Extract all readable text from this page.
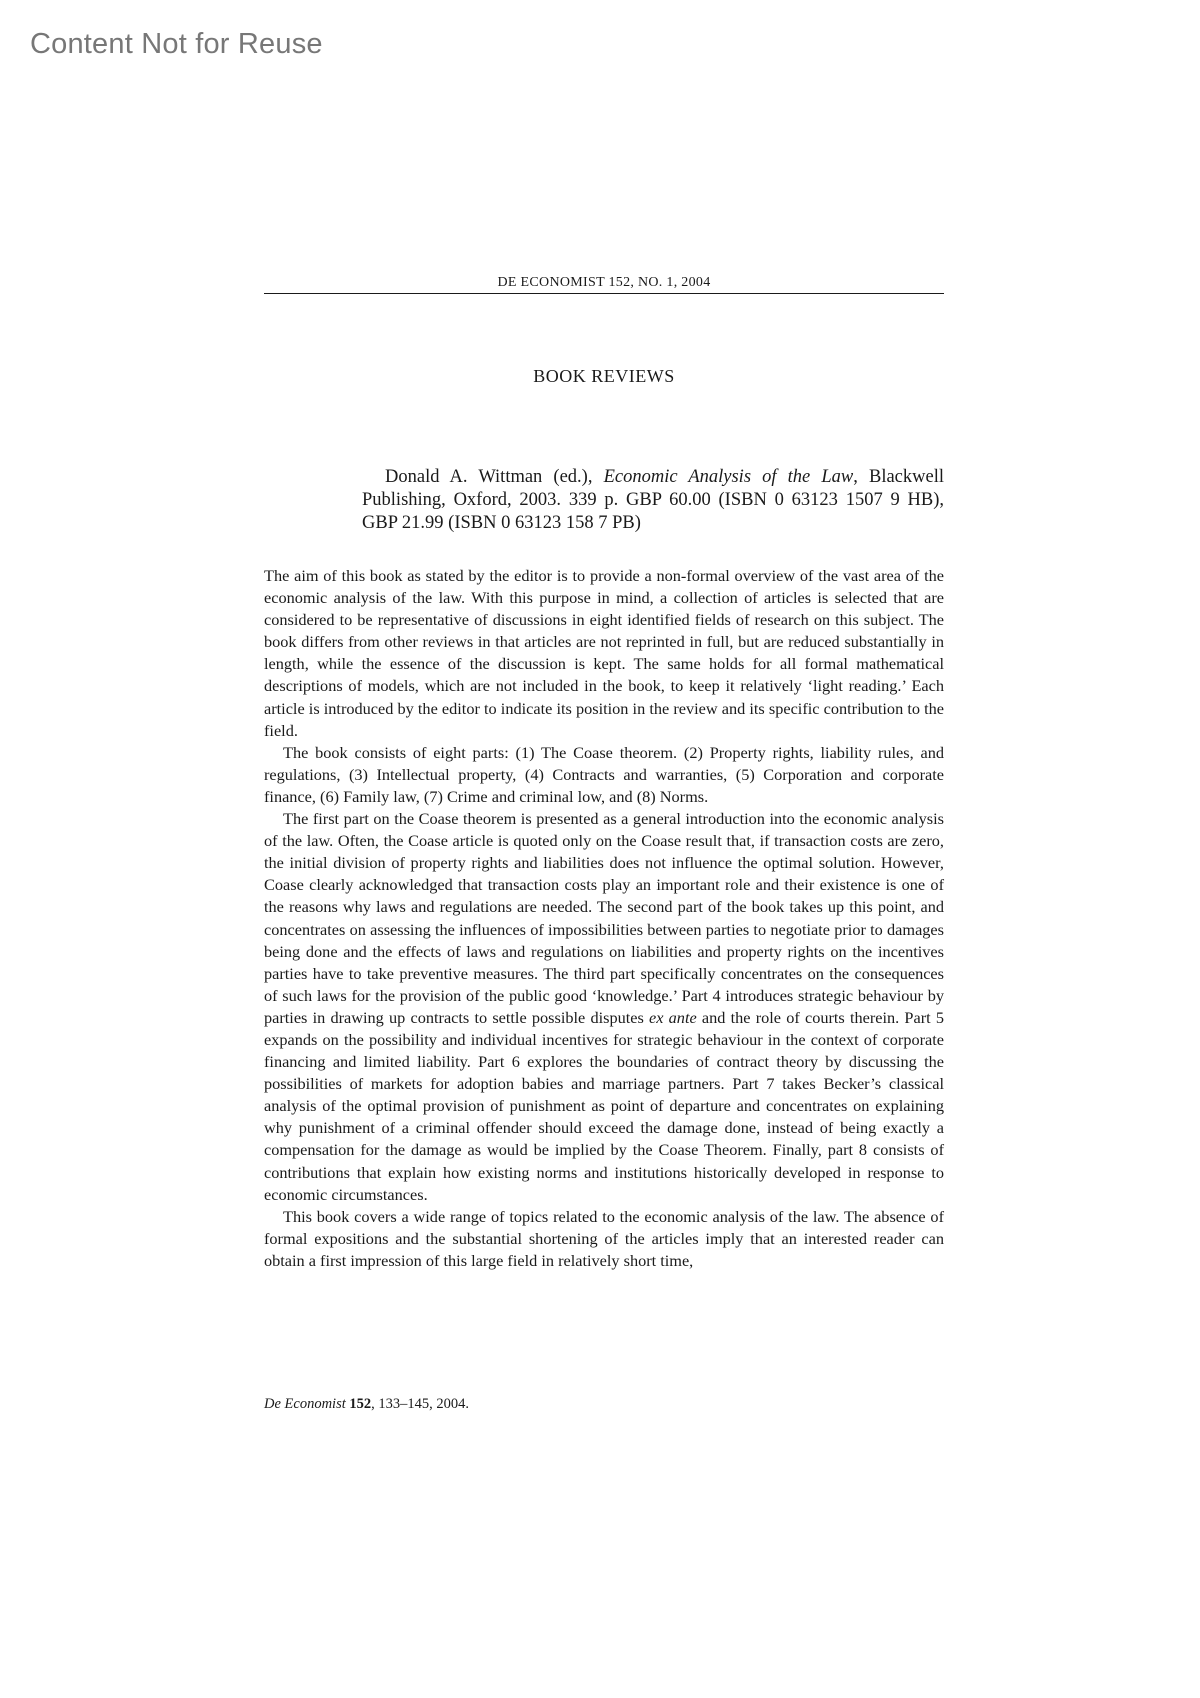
Content Not for Reuse
DE ECONOMIST 152, NO. 1, 2004
BOOK REVIEWS
Donald A. Wittman (ed.), Economic Analysis of the Law, Blackwell Publishing, Oxford, 2003. 339 p. GBP 60.00 (ISBN 0 63123 1507 9 HB), GBP 21.99 (ISBN 0 63123 158 7 PB)

The aim of this book as stated by the editor is to provide a non-formal overview of the vast area of the economic analysis of the law. With this purpose in mind, a collection of articles is selected that are considered to be representative of discussions in eight identified fields of research on this subject. The book differs from other reviews in that articles are not reprinted in full, but are reduced substantially in length, while the essence of the discussion is kept. The same holds for all formal mathematical descriptions of models, which are not included in the book, to keep it relatively ‘light reading.’ Each article is introduced by the editor to indicate its position in the review and its specific contribution to the field.

The book consists of eight parts: (1) The Coase theorem. (2) Property rights, liability rules, and regulations, (3) Intellectual property, (4) Contracts and warranties, (5) Corporation and corporate finance, (6) Family law, (7) Crime and criminal low, and (8) Norms.

The first part on the Coase theorem is presented as a general introduction into the economic analysis of the law. Often, the Coase article is quoted only on the Coase result that, if transaction costs are zero, the initial division of property rights and liabilities does not influence the optimal solution. However, Coase clearly acknowledged that transaction costs play an important role and their existence is one of the reasons why laws and regulations are needed. The second part of the book takes up this point, and concentrates on assessing the influences of impossibilities between parties to negotiate prior to damages being done and the effects of laws and regulations on liabilities and property rights on the incentives parties have to take preventive measures. The third part specifically concentrates on the consequences of such laws for the provision of the public good ‘knowledge.’ Part 4 introduces strategic behaviour by parties in drawing up contracts to settle possible disputes ex ante and the role of courts therein. Part 5 expands on the possibility and individual incentives for strategic behaviour in the context of corporate financing and limited liability. Part 6 explores the boundaries of contract theory by discussing the possibilities of markets for adoption babies and marriage partners. Part 7 takes Becker’s classical analysis of the optimal provision of punishment as point of departure and concentrates on explaining why punishment of a criminal offender should exceed the damage done, instead of being exactly a compensation for the damage as would be implied by the Coase Theorem. Finally, part 8 consists of contributions that explain how existing norms and institutions historically developed in response to economic circumstances.

This book covers a wide range of topics related to the economic analysis of the law. The absence of formal expositions and the substantial shortening of the articles imply that an interested reader can obtain a first impression of this large field in relatively short time,

De Economist 152, 133–145, 2004.
